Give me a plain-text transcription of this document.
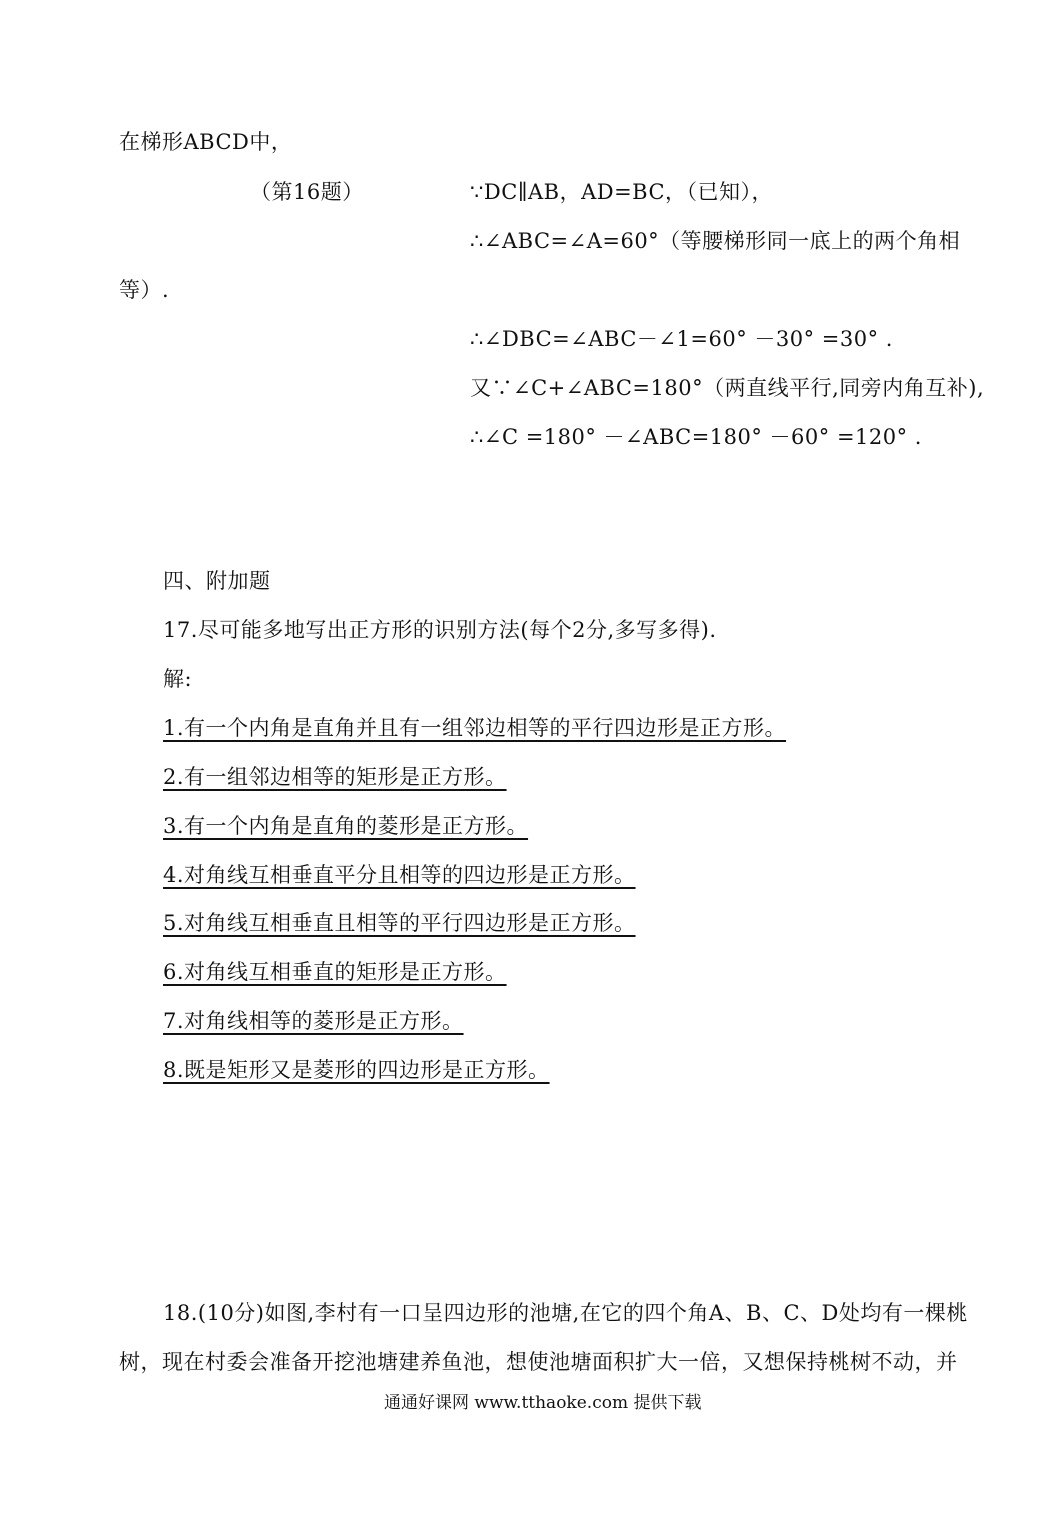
在梯形ABCD中，
（第16题）	∵DC∥AB，AD=BC，（已知），
∴∠ABC=∠A=60°（等腰梯形同一底上的两个角相
等）.
∴∠DBC=∠ABC－∠1=60° －30° =30° .
又∵∠C+∠ABC=180°（两直线平行,同旁内角互补),
∴∠C =180° －∠ABC=180° －60° =120° .
四、附加题
17.尽可能多地写出正方形的识别方法(每个2分,多写多得).
解:
1.有一个内角是直角并且有一组邻边相等的平行四边形是正方形。
2.有一组邻边相等的矩形是正方形。
3.有一个内角是直角的菱形是正方形。
4.对角线互相垂直平分且相等的四边形是正方形。
5.对角线互相垂直且相等的平行四边形是正方形。
6.对角线互相垂直的矩形是正方形。
7.对角线相等的菱形是正方形。
8.既是矩形又是菱形的四边形是正方形。
18.(10分)如图,李村有一口呈四边形的池塘,在它的四个角A、B、C、D处均有一棵桃
树，现在村委会准备开挖池塘建养鱼池，想使池塘面积扩大一倍，又想保持桃树不动，并
通通好课网 www.tthaoke.com 提供下载
